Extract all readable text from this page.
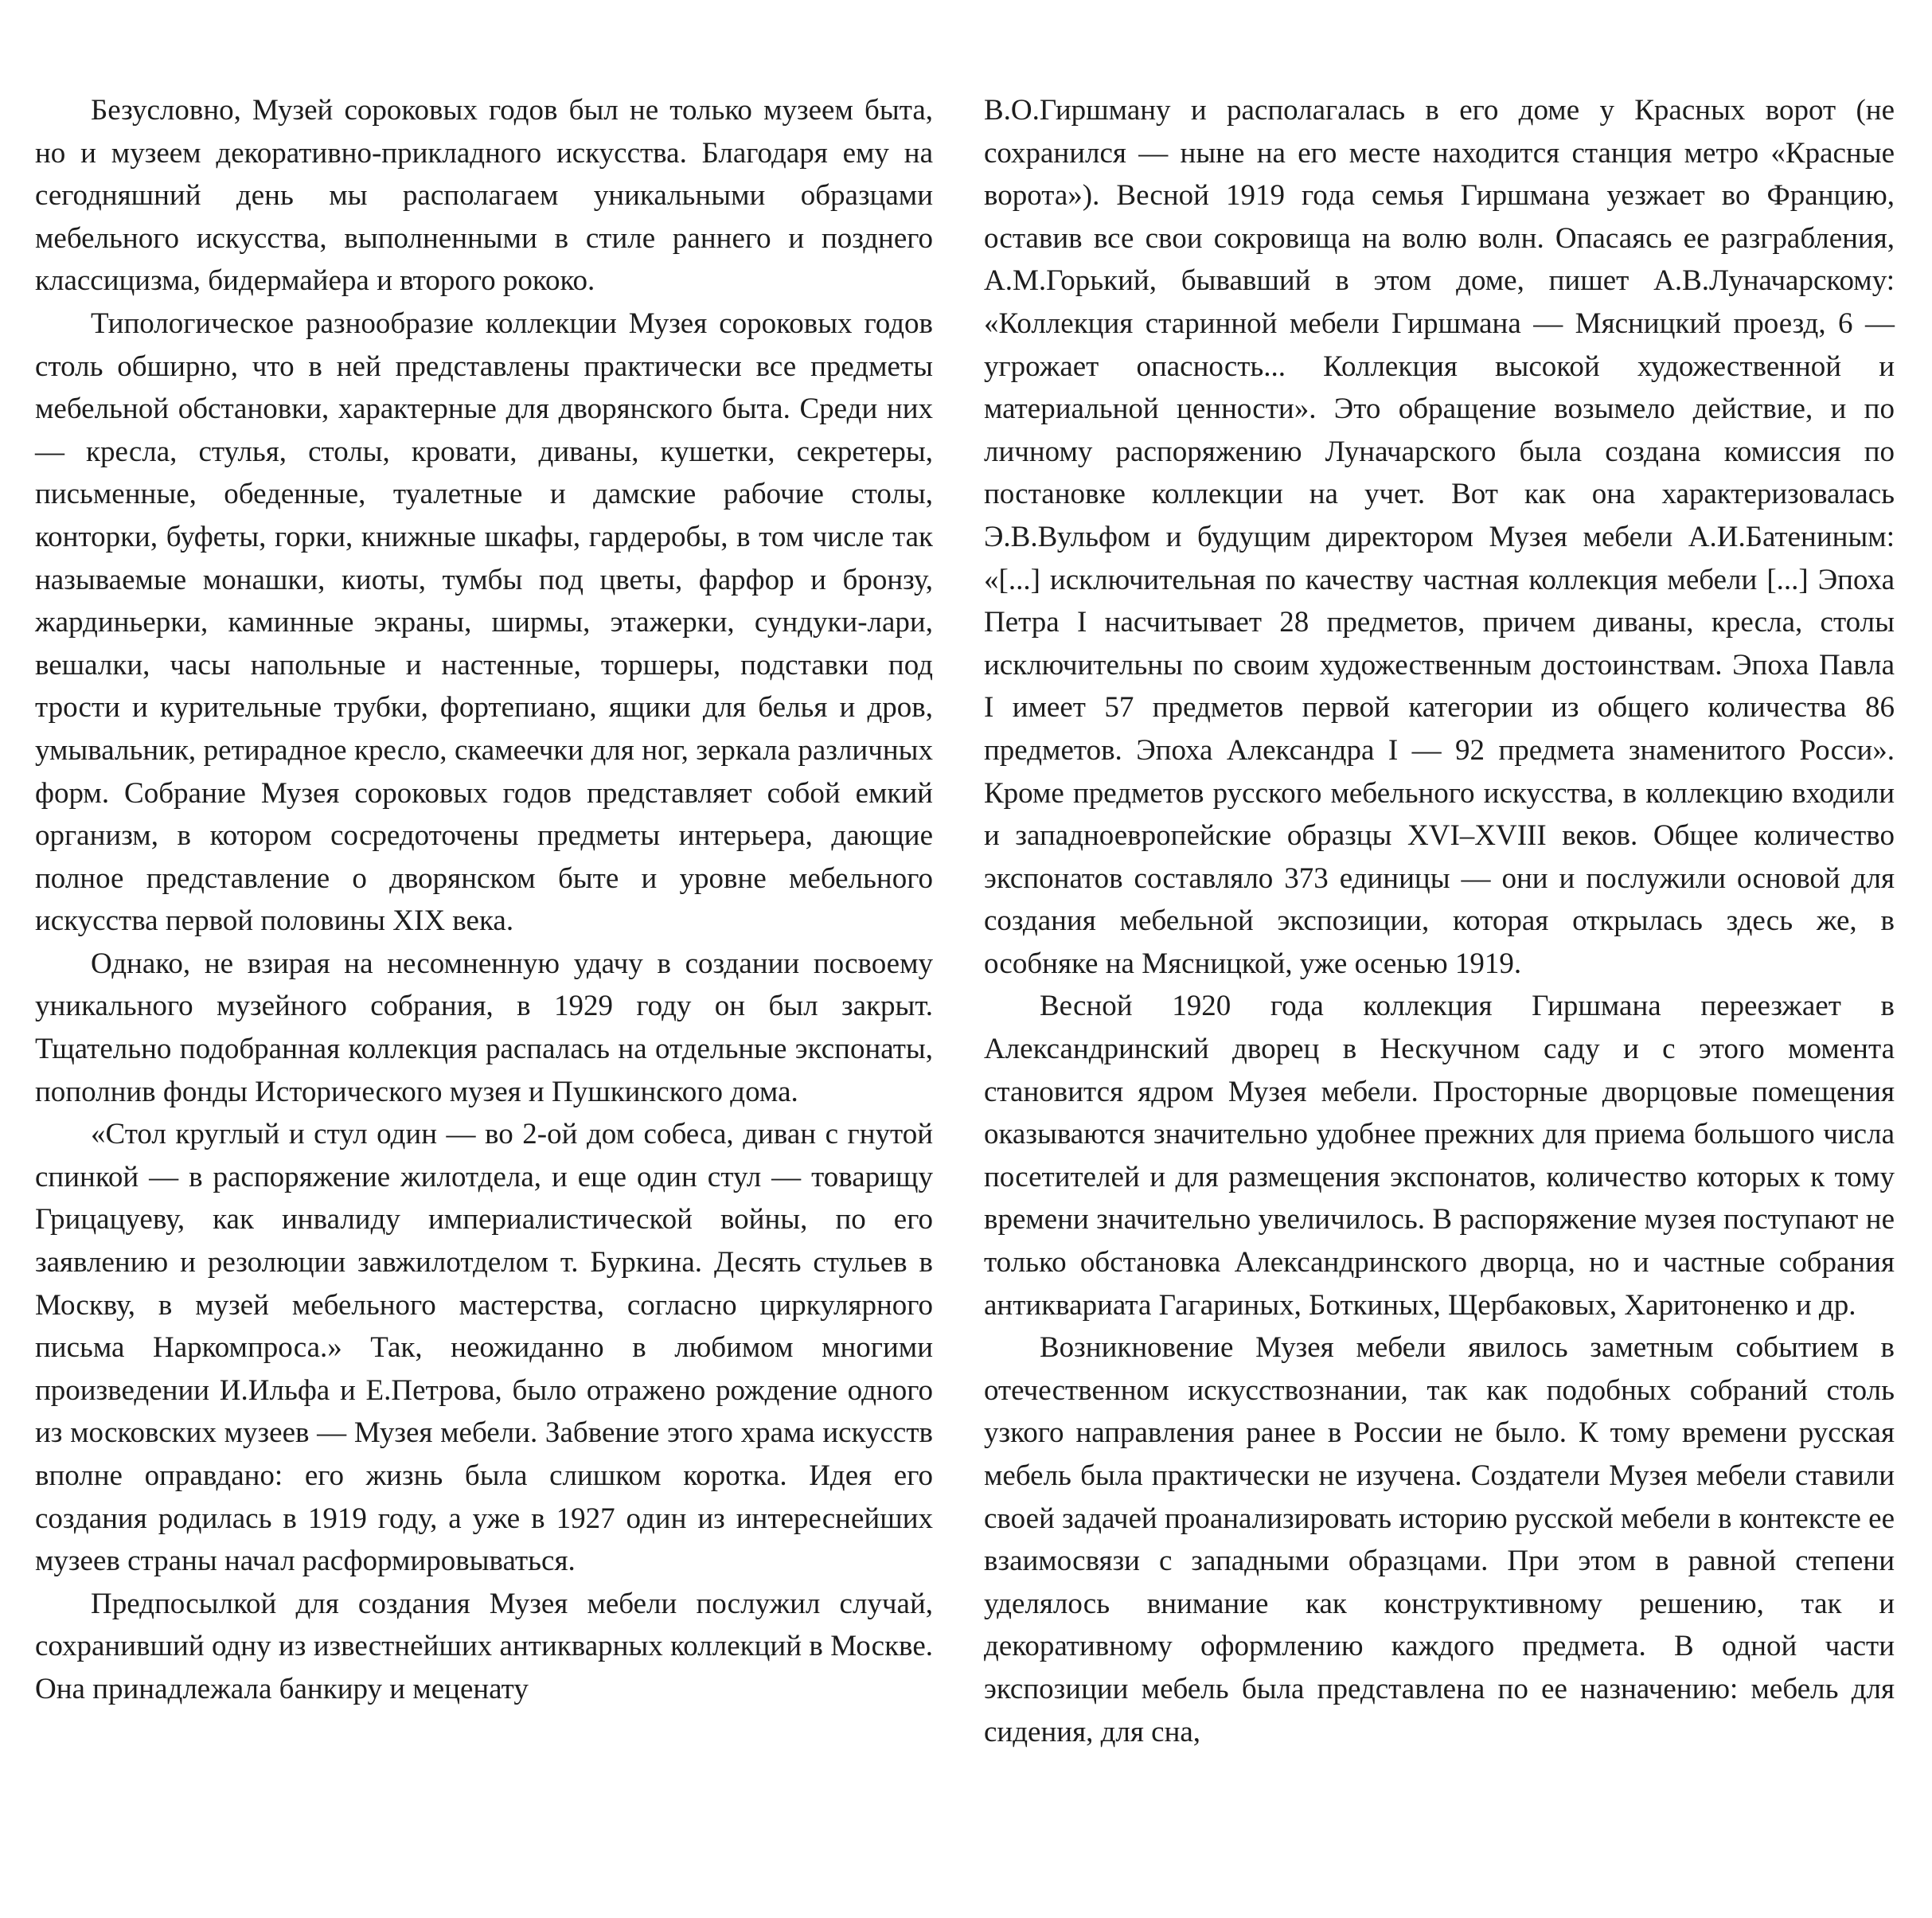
Безусловно, Музей сороковых годов был не только музеем быта, но и музеем декоративно-прикладного искусства. Благодаря ему на сегодняшний день мы располагаем уникальными образцами мебельного искусства, выполненными в стиле раннего и позднего классицизма, бидермайера и второго рококо.

Типологическое разнообразие коллекции Музея сороковых годов столь обширно, что в ней представлены практически все предметы мебельной обстановки, характерные для дворянского быта. Среди них — кресла, стулья, столы, кровати, диваны, кушетки, секретеры, письменные, обеденные, туалетные и дамские рабочие столы, конторки, буфеты, горки, книжные шкафы, гардеробы, в том числе так называемые монашки, киоты, тумбы под цветы, фарфор и бронзу, жардиньерки, каминные экраны, ширмы, этажерки, сундуки-лари, вешалки, часы напольные и настенные, торшеры, подставки под трости и курительные трубки, фортепиано, ящики для белья и дров, умывальник, ретирадное кресло, скамеечки для ног, зеркала различных форм. Собрание Музея сороковых годов представляет собой емкий организм, в котором сосредоточены предметы интерьера, дающие полное представление о дворянском быте и уровне мебельного искусства первой половины XIX века.

Однако, не взирая на несомненную удачу в создании посвоему уникального музейного собрания, в 1929 году он был закрыт. Тщательно подобранная коллекция распалась на отдельные экспонаты, пополнив фонды Исторического музея и Пушкинского дома.

«Стол круглый и стул один — во 2-ой дом собеса, диван с гнутой спинкой — в распоряжение жилотдела, и еще один стул — товарищу Грицацуеву, как инвалиду империалистической войны, по его заявлению и резолюции завжилотделом т. Буркина. Десять стульев в Москву, в музей мебельного мастерства, согласно циркулярного письма Наркомпроса.» Так, неожиданно в любимом многими произведении И.Ильфа и Е.Петрова, было отражено рождение одного из московских музеев — Музея мебели. Забвение этого храма искусств вполне оправдано: его жизнь была слишком коротка. Идея его создания родилась в 1919 году, а уже в 1927 один из интереснейших музеев страны начал расформировываться.

Предпосылкой для создания Музея мебели послужил случай, сохранивший одну из известнейших антикварных коллекций в Москве. Она принадлежала банкиру и меценату

В.О.Гиршману и располагалась в его доме у Красных ворот (не сохранился — ныне на его месте находится станция метро «Красные ворота»). Весной 1919 года семья Гиршмана уезжает во Францию, оставив все свои сокровища на волю волн. Опасаясь ее разграбления, А.М.Горький, бывавший в этом доме, пишет А.В.Луначарскому: «Коллекция старинной мебели Гиршмана — Мясницкий проезд, 6 — угрожает опасность... Коллекция высокой художественной и материальной ценности». Это обращение возымело действие, и по личному распоряжению Луначарского была создана комиссия по постановке коллекции на учет. Вот как она характеризовалась Э.В.Вульфом и будущим директором Музея мебели А.И.Батениным: «[...] исключительная по качеству частная коллекция мебели [...] Эпоха Петра I насчитывает 28 предметов, причем диваны, кресла, столы исключительны по своим художественным достоинствам. Эпоха Павла I имеет 57 предметов первой категории из общего количества 86 предметов. Эпоха Александра I — 92 предмета знаменитого Росси». Кроме предметов русского мебельного искусства, в коллекцию входили и западноевропейские образцы XVI–XVIII веков. Общее количество экспонатов составляло 373 единицы — они и послужили основой для создания мебельной экспозиции, которая открылась здесь же, в особняке на Мясницкой, уже осенью 1919.

Весной 1920 года коллекция Гиршмана переезжает в Александринский дворец в Нескучном саду и с этого момента становится ядром Музея мебели. Просторные дворцовые помещения оказываются значительно удобнее прежних для приема большого числа посетителей и для размещения экспонатов, количество которых к тому времени значительно увеличилось. В распоряжение музея поступают не только обстановка Александринского дворца, но и частные собрания антиквариата Гагариных, Боткиных, Щербаковых, Харитоненко и др.

Возникновение Музея мебели явилось заметным событием в отечественном искусствознании, так как подобных собраний столь узкого направления ранее в России не было. К тому времени русская мебель была практически не изучена. Создатели Музея мебели ставили своей задачей проанализировать историю русской мебели в контексте ее взаимосвязи с западными образцами. При этом в равной степени уделялось внимание как конструктивному решению, так и декоративному оформлению каждого предмета. В одной части экспозиции мебель была представлена по ее назначению: мебель для сидения, для сна,
